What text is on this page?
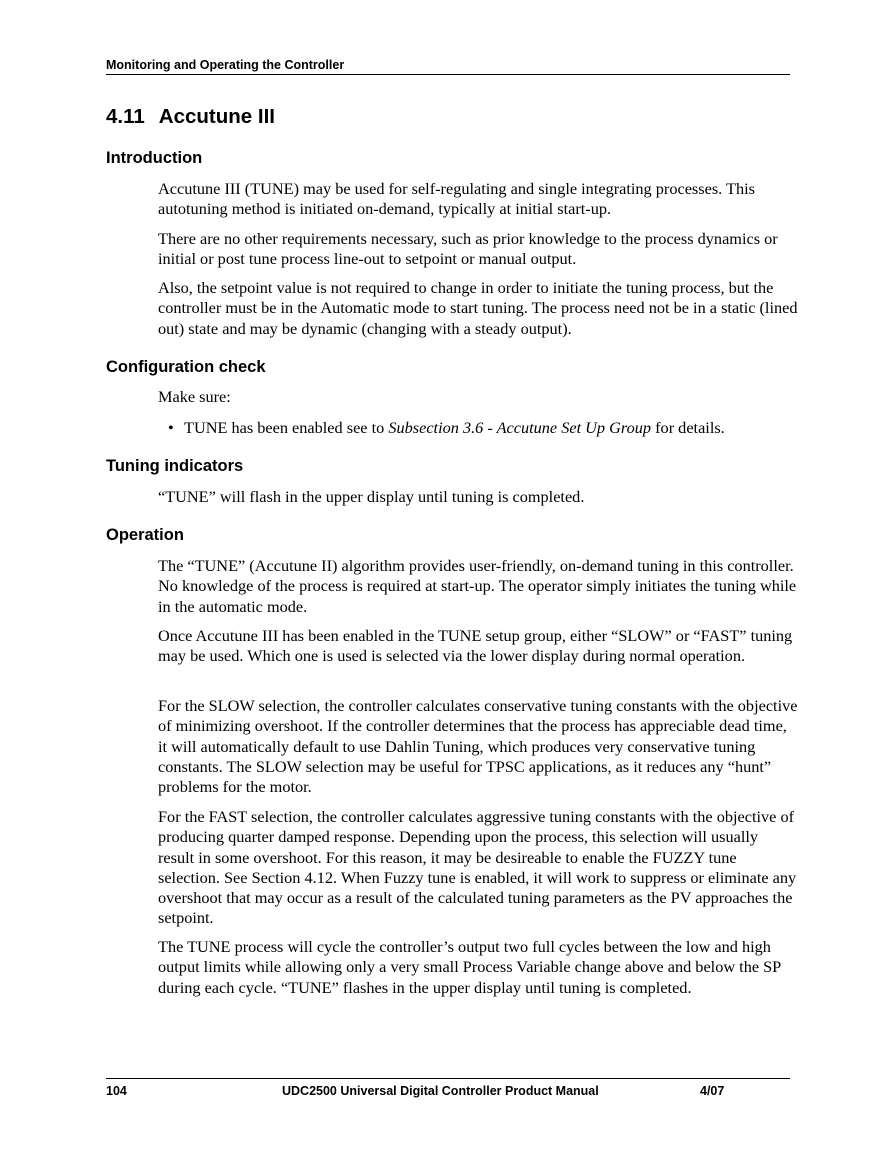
Monitoring and Operating the Controller
4.11 Accutune III
Introduction

Accutune III (TUNE) may be used for self-regulating and single integrating processes. This autotuning method is initiated on-demand, typically at initial start-up.

There are no other requirements necessary, such as prior knowledge to the process dynamics or initial or post tune process line-out to setpoint or manual output.

Also, the setpoint value is not required to change in order to initiate the tuning process, but the controller must be in the Automatic mode to start tuning. The process need not be in a static (lined out) state and may be dynamic (changing with a steady output).

Configuration check

Make sure:

• TUNE has been enabled see to Subsection 3.6 - Accutune Set Up Group for details.

Tuning indicators

“TUNE” will flash in the upper display until tuning is completed.

Operation

The “TUNE” (Accutune II) algorithm provides user-friendly, on-demand tuning in this controller. No knowledge of the process is required at start-up. The operator simply initiates the tuning while in the automatic mode.

Once Accutune III has been enabled in the TUNE setup group, either “SLOW” or “FAST” tuning may be used. Which one is used is selected via the lower display during normal operation.

For the SLOW selection, the controller calculates conservative tuning constants with the objective of minimizing overshoot. If the controller determines that the process has appreciable dead time, it will automatically default to use Dahlin Tuning, which produces very conservative tuning constants. The SLOW selection may be useful for TPSC applications, as it reduces any “hunt” problems for the motor.

For the FAST selection, the controller calculates aggressive tuning constants with the objective of producing quarter damped response. Depending upon the process, this selection will usually result in some overshoot. For this reason, it may be desireable to enable the FUZZY tune selection. See Section 4.12. When Fuzzy tune is enabled, it will work to suppress or eliminate any overshoot that may occur as a result of the calculated tuning parameters as the PV approaches the setpoint.

The TUNE process will cycle the controller’s output two full cycles between the low and high output limits while allowing only a very small Process Variable change above and below the SP during each cycle. “TUNE” flashes in the upper display until tuning is completed.

104	UDC2500 Universal Digital Controller Product Manual	4/07
